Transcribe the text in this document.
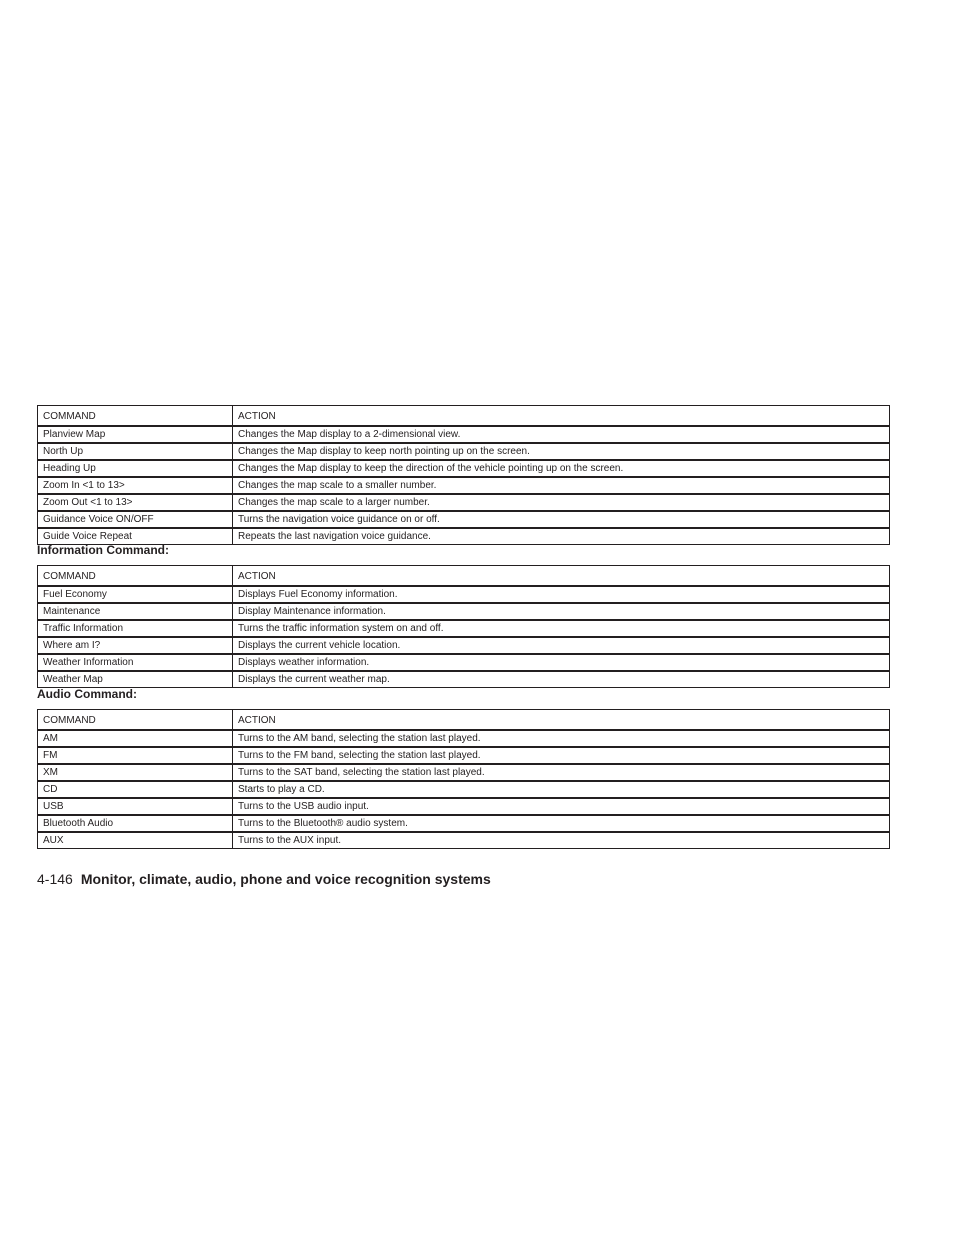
COMMAND	ACTION
Planview Map	Changes the Map display to a 2-dimensional view.
North Up	Changes the Map display to keep north pointing up on the screen.
Heading Up	Changes the Map display to keep the direction of the vehicle pointing up on the screen.
Zoom In <1 to 13>	Changes the map scale to a smaller number.
Zoom Out <1 to 13>	Changes the map scale to a larger number.
Guidance Voice ON/OFF	Turns the navigation voice guidance on or off.
Guide Voice Repeat	Repeats the last navigation voice guidance.
Information Command:
COMMAND	ACTION
Fuel Economy	Displays Fuel Economy information.
Maintenance	Display Maintenance information.
Traffic Information	Turns the traffic information system on and off.
Where am I?	Displays the current vehicle location.
Weather Information	Displays weather information.
Weather Map	Displays the current weather map.
Audio Command:
COMMAND	ACTION
AM	Turns to the AM band, selecting the station last played.
FM	Turns to the FM band, selecting the station last played.
XM	Turns to the SAT band, selecting the station last played.
CD	Starts to play a CD.
USB	Turns to the USB audio input.
Bluetooth Audio	Turns to the Bluetooth® audio system.
AUX	Turns to the AUX input.
4-146 Monitor, climate, audio, phone and voice recognition systems
